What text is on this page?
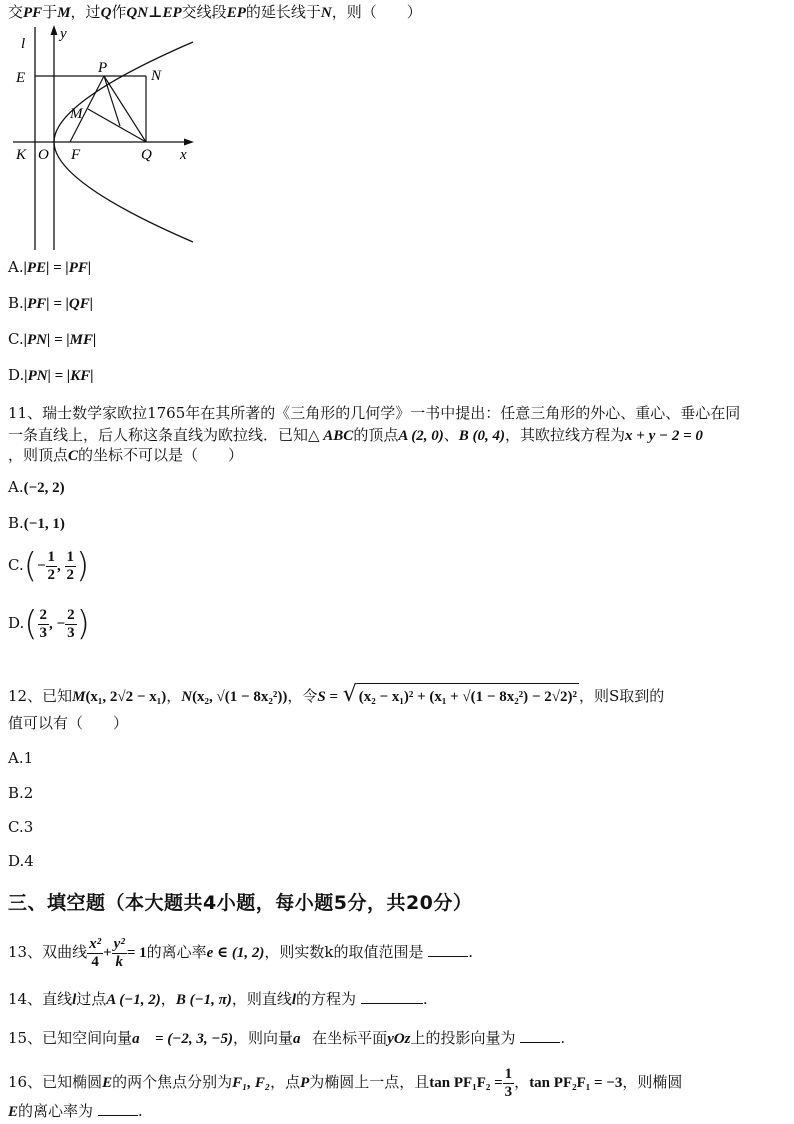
交PF于M，过Q作QN⊥EP交线段EP的延长线于N，则（　　）
l
y
E
P	N
M
K O F	Q x
A.|PE| = |PF|
B.|PF| = |QF|
C.|PN| = |MF|
D.|PN| = |KF|
11、瑞士数学家欧拉1765年在其所著的《三角形的几何学》一书中提出：任意三角形的外心、重心、垂心在同
一条直线上，后人称这条直线为欧拉线．已知△ ABC的顶点A (2, 0)、B (0, 4)，其欧拉线方程为x + y − 2 = 0
，则顶点C的坐标不可以是（　　）
A.(−2, 2)
B.(−1, 1)
$C.(- \frac{1}{2}$ , $\frac{1}{2}$ )
$D.( \frac{2}{3}$ , − $\frac{2}{3}$ )
12、已知M(x₁, 2√2 − x₁)，N(x₂, √(1 − 8x₂²))，令S = √ (x₂ − x₁)² + (x₁ + √(1 − 8x₂²) − 2√2)² ，则S取到的
值可以有（　　）
A.1
B.2
C.3
D.4
三、填空题（本大题共4小题，每小题5分，共20分）
13、双曲线 $\frac{\text{x²}}{4} + \frac{\text{y²}}{k} = 1$的离心率e ∈ (1, 2)，则实数k的取值范围是	.
14、直线l过点A (−1, 2)，B (−1, π)，则直线l的方程为	.
15、已知空间向量a⃗ = (−2, 3, −5)，则向量a⃗在坐标平面yOz上的投影向量为	.
16、已知椭圆E的两个焦点分别为F₁, F₂，点P为椭圆上一点，且$\tan PF_1F_2 = \frac{1}{3}$ ，tan PF₂F₁ = −3，则椭圆
E的离心率为	.
